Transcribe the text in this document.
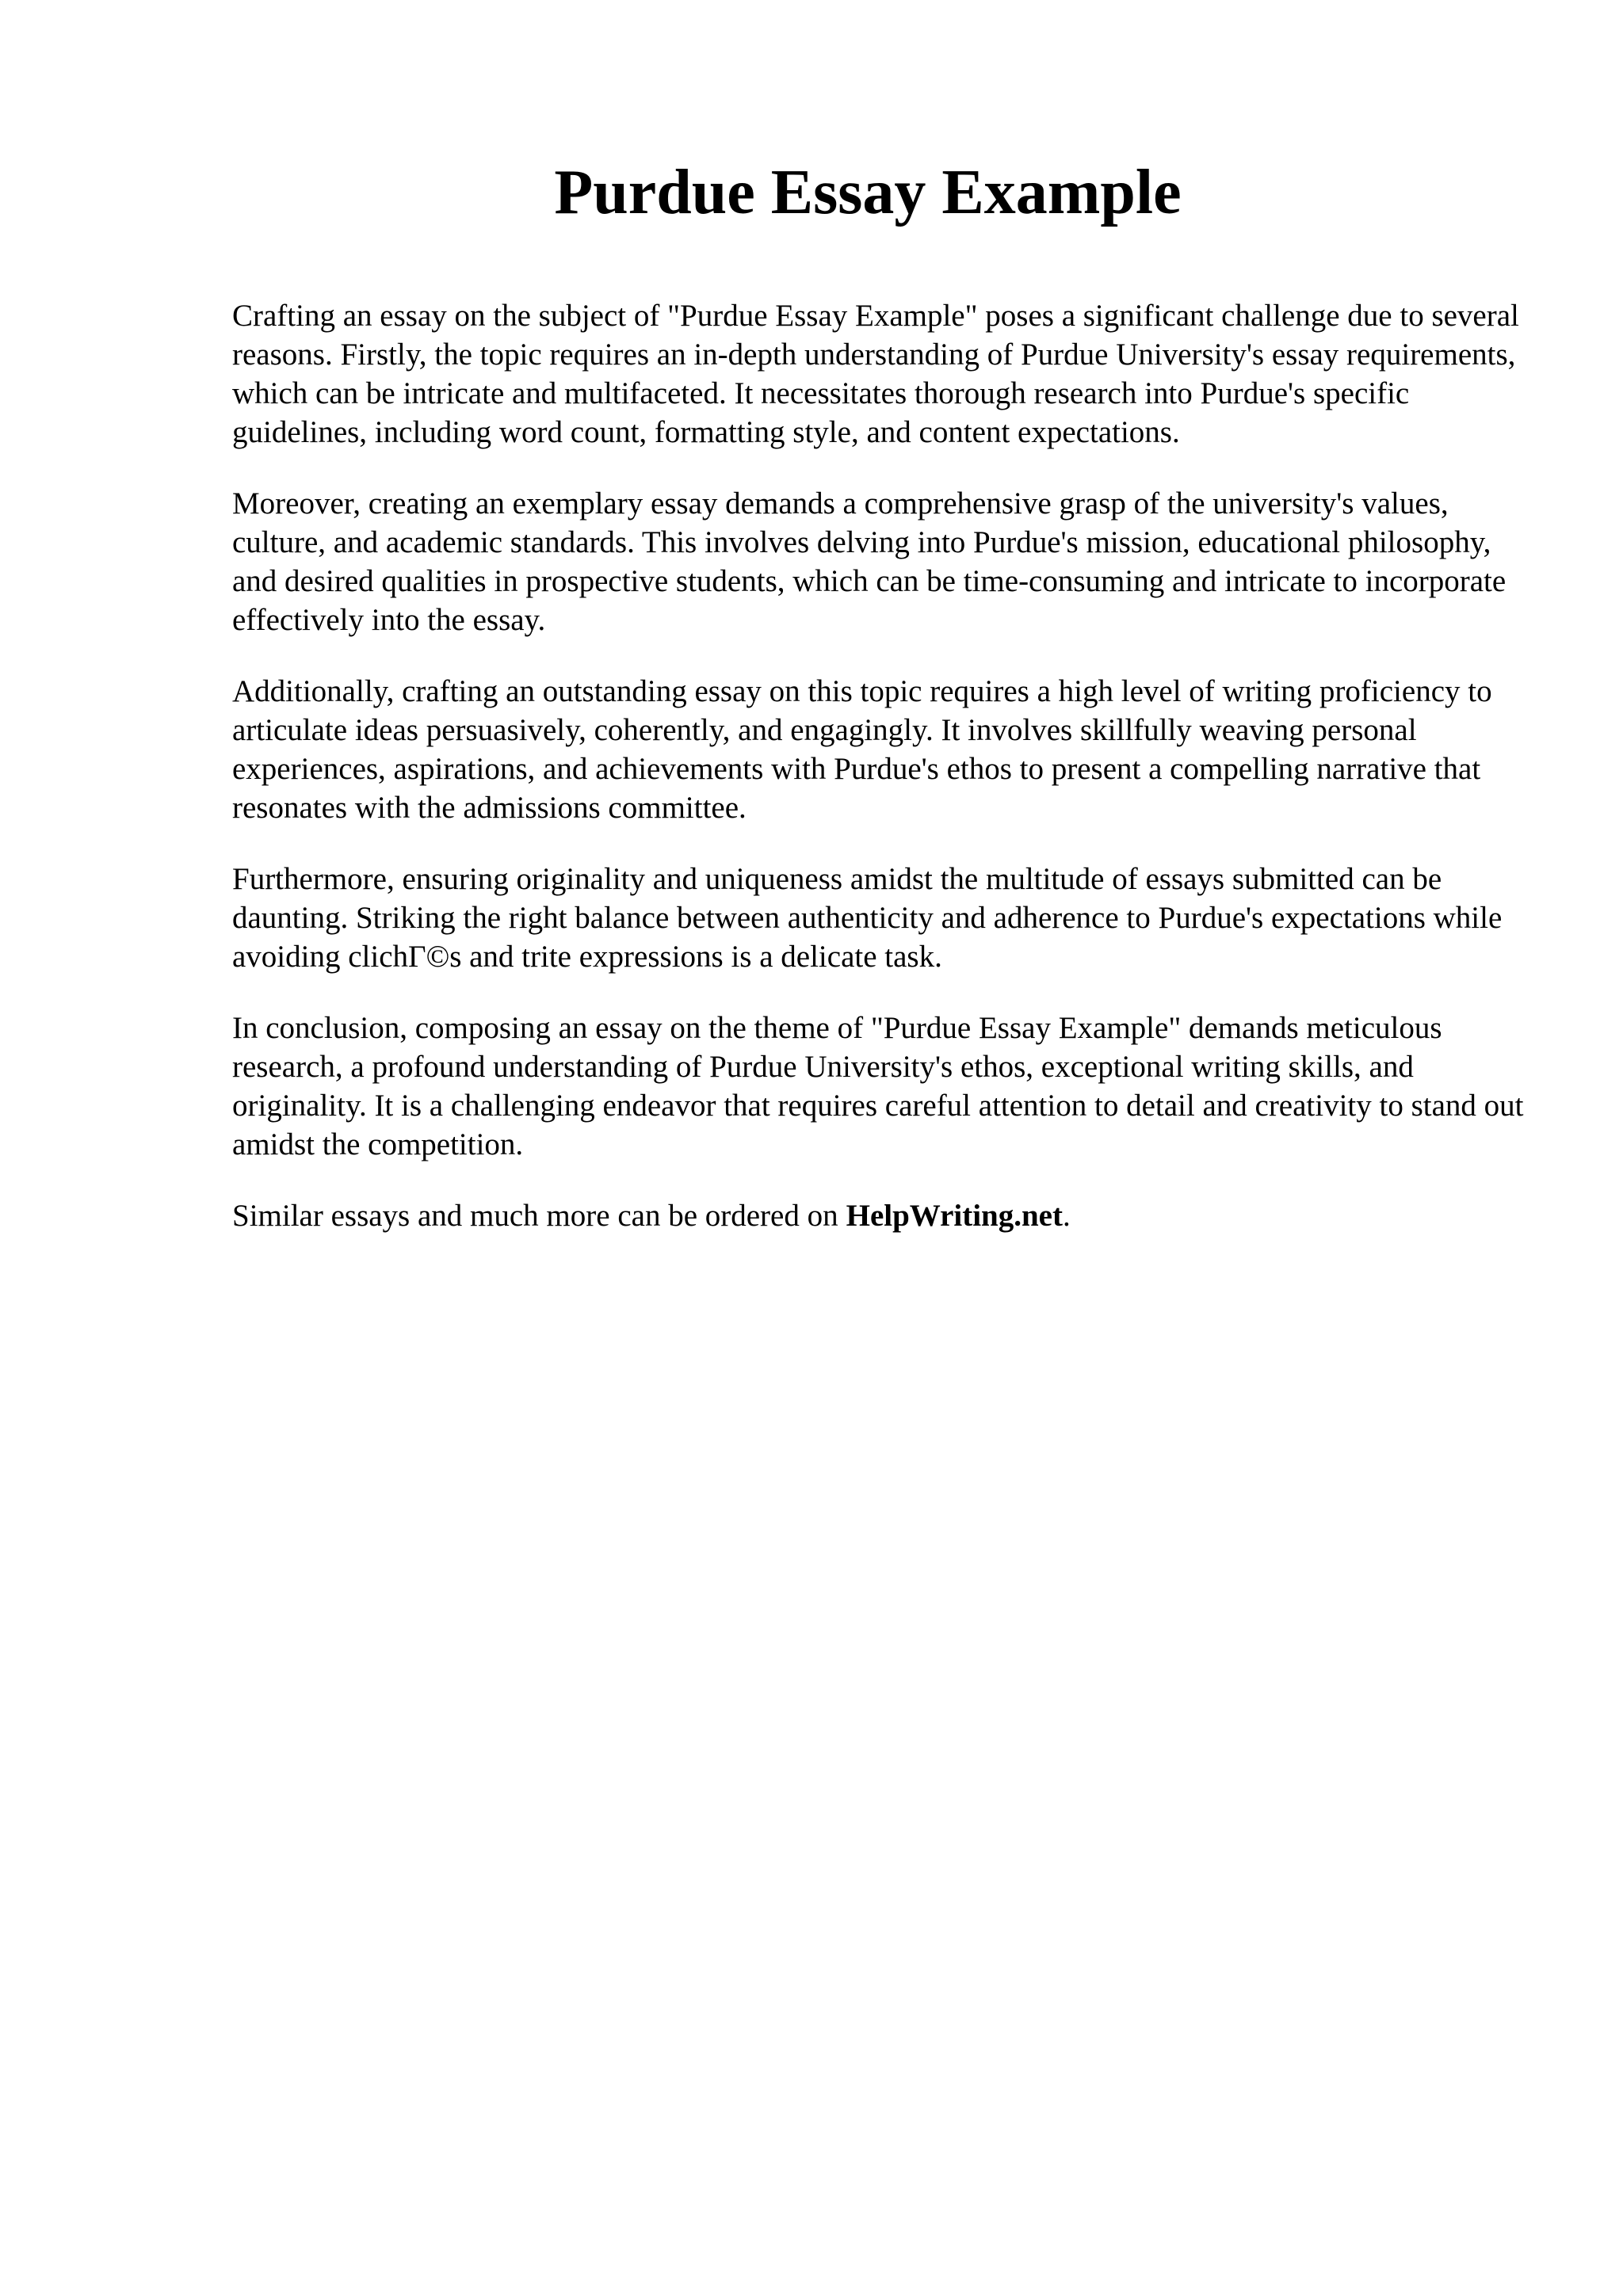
Purdue Essay Example

Crafting an essay on the subject of "Purdue Essay Example" poses a significant challenge due to several reasons. Firstly, the topic requires an in-depth understanding of Purdue University's essay requirements, which can be intricate and multifaceted. It necessitates thorough research into Purdue's specific guidelines, including word count, formatting style, and content expectations.

Moreover, creating an exemplary essay demands a comprehensive grasp of the university's values, culture, and academic standards. This involves delving into Purdue's mission, educational philosophy, and desired qualities in prospective students, which can be time-consuming and intricate to incorporate effectively into the essay.

Additionally, crafting an outstanding essay on this topic requires a high level of writing proficiency to articulate ideas persuasively, coherently, and engagingly. It involves skillfully weaving personal experiences, aspirations, and achievements with Purdue's ethos to present a compelling narrative that resonates with the admissions committee.

Furthermore, ensuring originality and uniqueness amidst the multitude of essays submitted can be daunting. Striking the right balance between authenticity and adherence to Purdue's expectations while avoiding clichΓ©s and trite expressions is a delicate task.

In conclusion, composing an essay on the theme of "Purdue Essay Example" demands meticulous research, a profound understanding of Purdue University's ethos, exceptional writing skills, and originality. It is a challenging endeavor that requires careful attention to detail and creativity to stand out amidst the competition.

Similar essays and much more can be ordered on HelpWriting.net.
